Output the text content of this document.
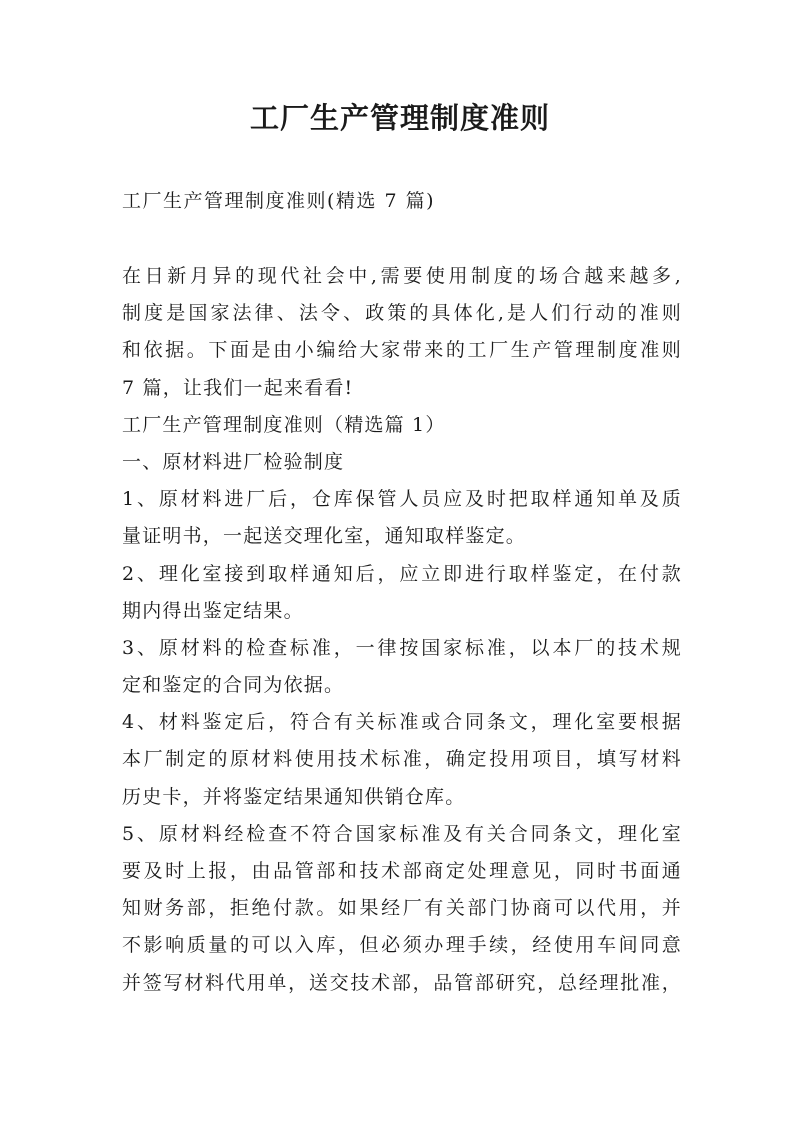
工厂生产管理制度准则

工厂生产管理制度准则(精选 7 篇)

在日新月异的现代社会中,需要使用制度的场合越来越多,
制度是国家法律、法令、政策的具体化,是人们行动的准则
和依据。下面是由小编给大家带来的工厂生产管理制度准则
7 篇，让我们一起来看看!
工厂生产管理制度准则（精选篇 1）
一、原材料进厂检验制度
1、原材料进厂后，仓库保管人员应及时把取样通知单及质
量证明书，一起送交理化室，通知取样鉴定。
2、理化室接到取样通知后，应立即进行取样鉴定，在付款
期内得出鉴定结果。
3、原材料的检查标准，一律按国家标准，以本厂的技术规
定和鉴定的合同为依据。
4、材料鉴定后，符合有关标准或合同条文，理化室要根据
本厂制定的原材料使用技术标准，确定投用项目，填写材料
历史卡，并将鉴定结果通知供销仓库。
5、原材料经检查不符合国家标准及有关合同条文，理化室
要及时上报，由品管部和技术部商定处理意见，同时书面通
知财务部，拒绝付款。如果经厂有关部门协商可以代用，并
不影响质量的可以入库，但必须办理手续，经使用车间同意
并签写材料代用单，送交技术部，品管部研究，总经理批准，
